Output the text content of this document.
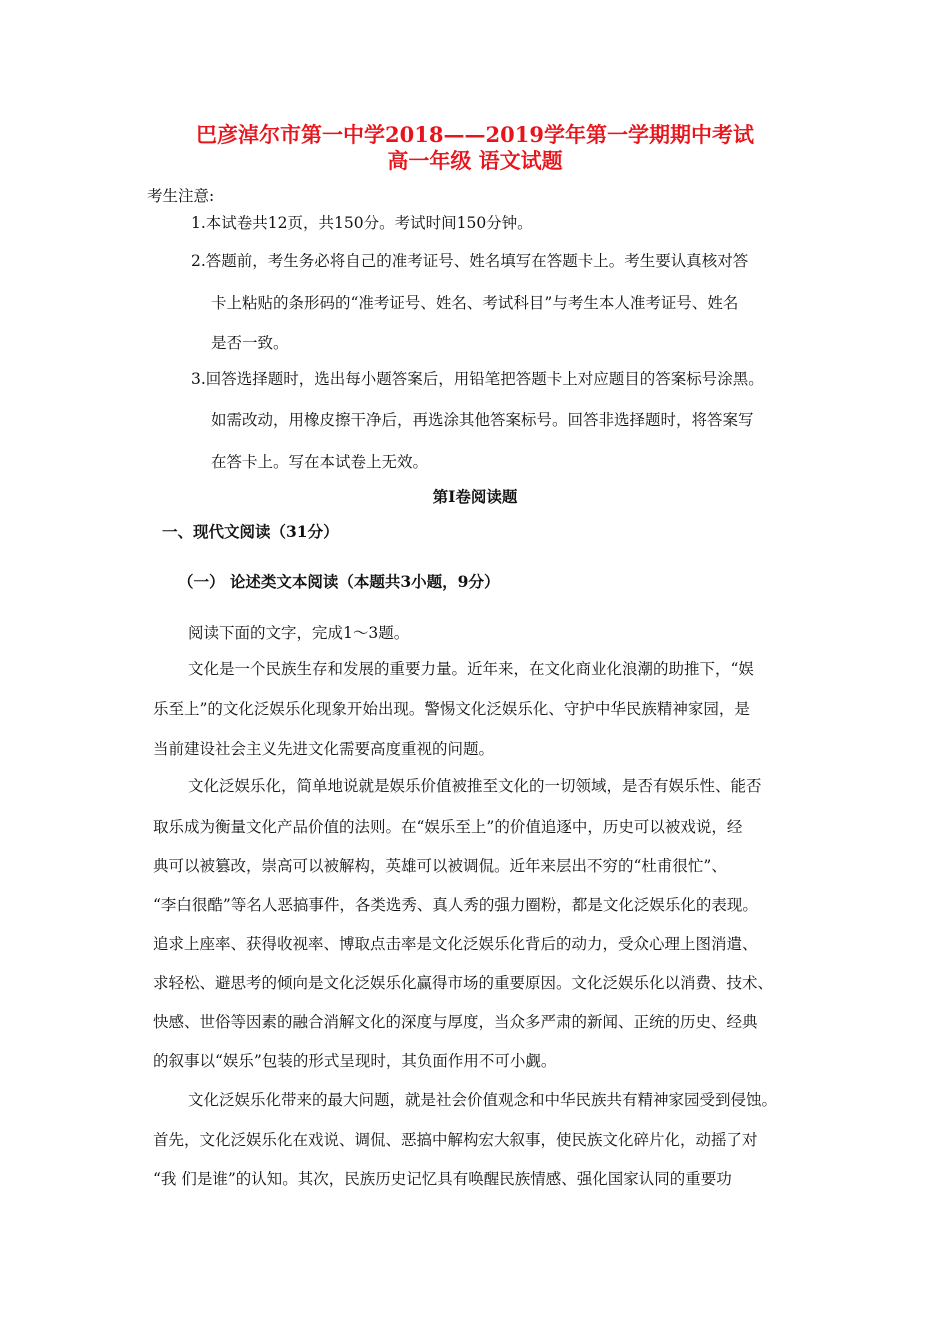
巴彦淖尔市第一中学2018——2019学年第一学期期中考试
高一年级 语文试题
考生注意:
1.本试卷共12页，共150分。考试时间150分钟。
2.答题前，考生务必将自己的准考证号、姓名填写在答题卡上。考生要认真核对答
卡上粘贴的条形码的“准考证号、姓名、考试科目”与考生本人准考证号、姓名
是否一致。
3.回答选择题时，选出每小题答案后，用铅笔把答题卡上对应题目的答案标号涂黑。
如需改动，用橡皮擦干净后，再选涂其他答案标号。回答非选择题时，将答案写
在答卡上。写在本试卷上无效。
第Ⅰ卷阅读题
一、现代文阅读（31分）
（一） 论述类文本阅读（本题共3小题，9分）
阅读下面的文字，完成1～3题。
文化是一个民族生存和发展的重要力量。近年来，在文化商业化浪潮的助推下，“娱
乐至上”的文化泛娱乐化现象开始出现。警惕文化泛娱乐化、守护中华民族精神家园，是
当前建设社会主义先进文化需要高度重视的问题。
文化泛娱乐化，简单地说就是娱乐价值被推至文化的一切领域，是否有娱乐性、能否
取乐成为衡量文化产品价值的法则。在“娱乐至上”的价值追逐中，历史可以被戏说，经
典可以被篡改，崇高可以被解构，英雄可以被调侃。近年来层出不穷的“杜甫很忙”、
“李白很酷”等名人恶搞事件，各类选秀、真人秀的强力圈粉，都是文化泛娱乐化的表现。
追求上座率、获得收视率、博取点击率是文化泛娱乐化背后的动力，受众心理上图消遣、
求轻松、避思考的倾向是文化泛娱乐化赢得市场的重要原因。文化泛娱乐化以消费、技术、
快感、世俗等因素的融合消解文化的深度与厚度，当众多严肃的新闻、正统的历史、经典
的叙事以“娱乐”包装的形式呈现时，其负面作用不可小觑。
文化泛娱乐化带来的最大问题，就是社会价值观念和中华民族共有精神家园受到侵蚀。
首先，文化泛娱乐化在戏说、调侃、恶搞中解构宏大叙事，使民族文化碎片化，动摇了对
“我 们是谁”的认知。其次，民族历史记忆具有唤醒民族情感、强化国家认同的重要功
